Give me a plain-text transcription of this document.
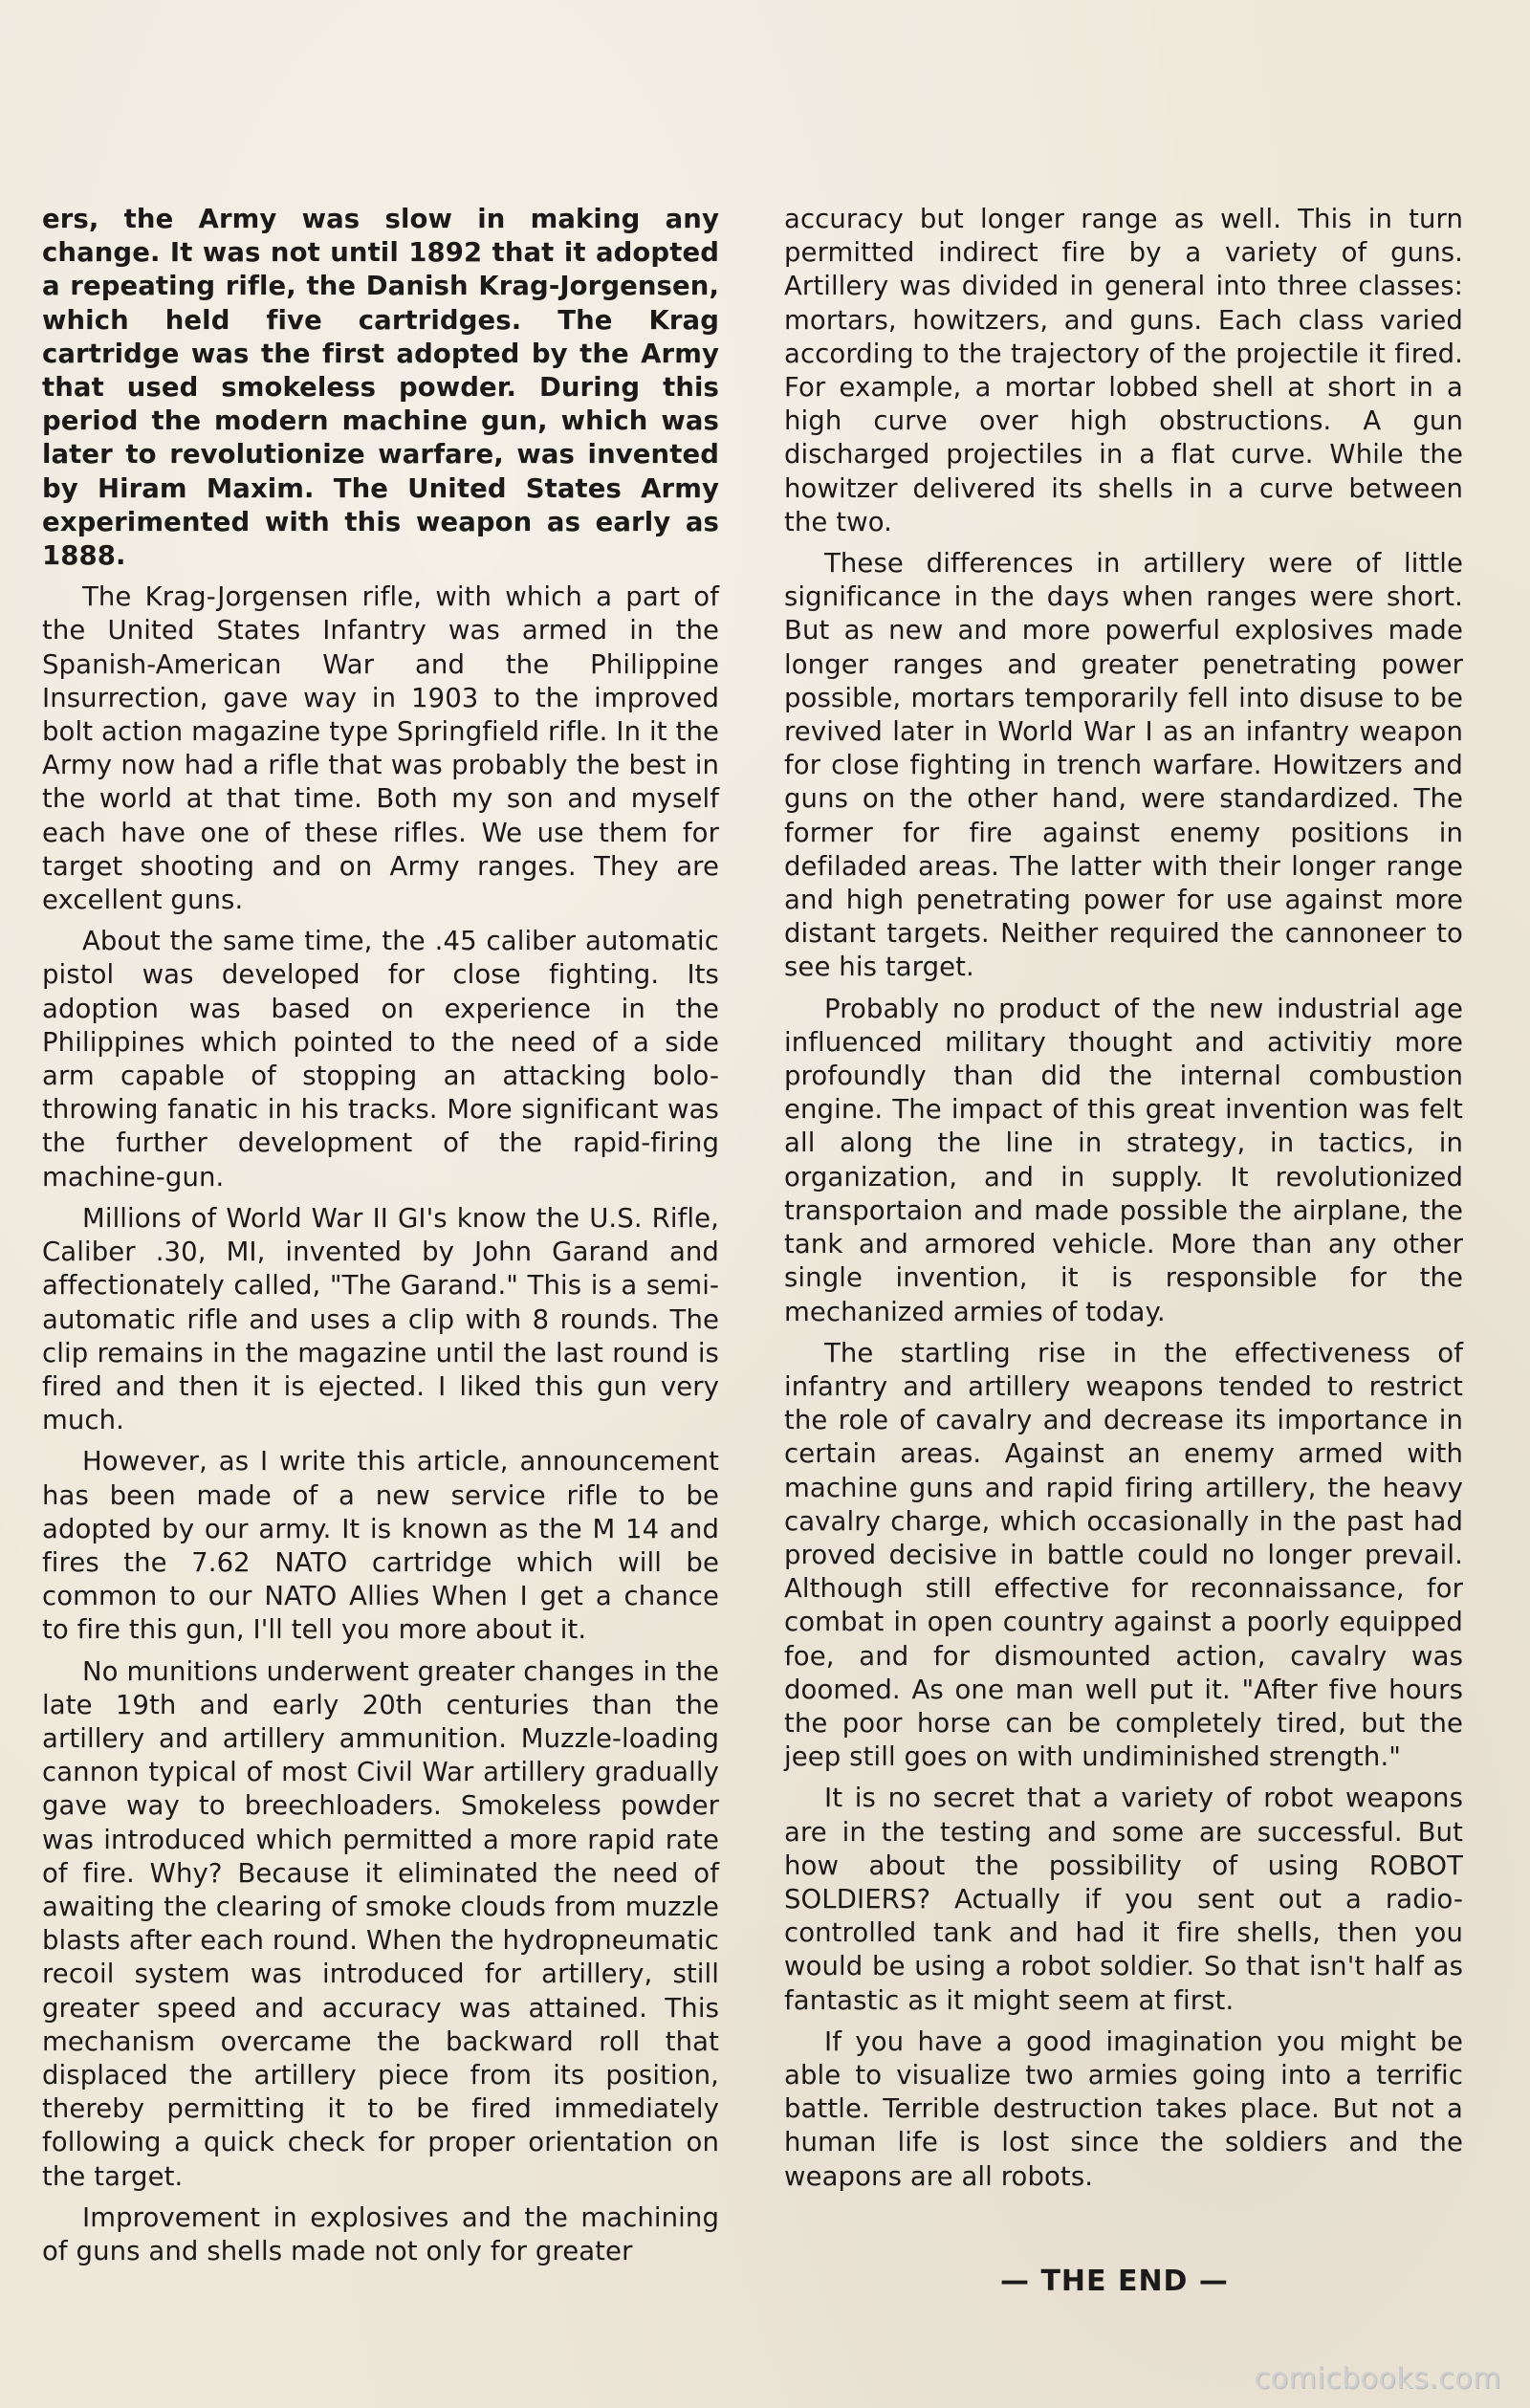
ers, the Army was slow in making any change. It was not until 1892 that it adopted a repeating rifle, the Danish Krag-Jorgensen, which held five cartridges. The Krag cartridge was the first adopted by the Army that used smokeless powder. During this period the modern machine gun, which was later to revolutionize warfare, was invented by Hiram Maxim. The United States Army experimented with this weapon as early as 1888.

The Krag-Jorgensen rifle, with which a part of the United States Infantry was armed in the Spanish-American War and the Philippine Insurrection, gave way in 1903 to the improved bolt action magazine type Springfield rifle. In it the Army now had a rifle that was probably the best in the world at that time. Both my son and myself each have one of these rifles. We use them for target shooting and on Army ranges. They are excellent guns.

About the same time, the .45 caliber automatic pistol was developed for close fighting. Its adoption was based on experience in the Philippines which pointed to the need of a side arm capable of stopping an attacking bolo-throwing fanatic in his tracks. More significant was the further development of the rapid-firing machine-gun.

Millions of World War II GI's know the U.S. Rifle, Caliber .30, MI, invented by John Garand and affectionately called, "The Garand." This is a semi-automatic rifle and uses a clip with 8 rounds. The clip remains in the magazine until the last round is fired and then it is ejected. I liked this gun very much.

However, as I write this article, announcement has been made of a new service rifle to be adopted by our army. It is known as the M 14 and fires the 7.62 NATO cartridge which will be common to our NATO Allies When I get a chance to fire this gun, I'll tell you more about it.

No munitions underwent greater changes in the late 19th and early 20th centuries than the artillery and artillery ammunition. Muzzle-loading cannon typical of most Civil War artillery gradually gave way to breechloaders. Smokeless powder was introduced which permitted a more rapid rate of fire. Why? Because it eliminated the need of awaiting the clearing of smoke clouds from muzzle blasts after each round. When the hydropneumatic recoil system was introduced for artillery, still greater speed and accuracy was attained. This mechanism overcame the backward roll that displaced the artillery piece from its position, thereby permitting it to be fired immediately following a quick check for proper orientation on the target.

Improvement in explosives and the machining of guns and shells made not only for greater

accuracy but longer range as well. This in turn permitted indirect fire by a variety of guns. Artillery was divided in general into three classes: mortars, howitzers, and guns. Each class varied according to the trajectory of the projectile it fired. For example, a mortar lobbed shell at short in a high curve over high obstructions. A gun discharged projectiles in a flat curve. While the howitzer delivered its shells in a curve between the two.

These differences in artillery were of little significance in the days when ranges were short. But as new and more powerful explosives made longer ranges and greater penetrating power possible, mortars temporarily fell into disuse to be revived later in World War I as an infantry weapon for close fighting in trench warfare. Howitzers and guns on the other hand, were standardized. The former for fire against enemy positions in defiladed areas. The latter with their longer range and high penetrating power for use against more distant targets. Neither required the cannoneer to see his target.

Probably no product of the new industrial age influenced military thought and activitiy more profoundly than did the internal combustion engine. The impact of this great invention was felt all along the line in strategy, in tactics, in organization, and in supply. It revolutionized transportaion and made possible the airplane, the tank and armored vehicle. More than any other single invention, it is responsible for the mechanized armies of today.

The startling rise in the effectiveness of infantry and artillery weapons tended to restrict the role of cavalry and decrease its importance in certain areas. Against an enemy armed with machine guns and rapid firing artillery, the heavy cavalry charge, which occasionally in the past had proved decisive in battle could no longer prevail. Although still effective for reconnaissance, for combat in open country against a poorly equipped foe, and for dismounted action, cavalry was doomed. As one man well put it. "After five hours the poor horse can be completely tired, but the jeep still goes on with undiminished strength."

It is no secret that a variety of robot weapons are in the testing and some are successful. But how about the possibility of using ROBOT SOLDIERS? Actually if you sent out a radio-controlled tank and had it fire shells, then you would be using a robot soldier. So that isn't half as fantastic as it might seem at first.

If you have a good imagination you might be able to visualize two armies going into a terrific battle. Terrible destruction takes place. But not a human life is lost since the soldiers and the weapons are all robots.

— THE END —
comicbooks.com
